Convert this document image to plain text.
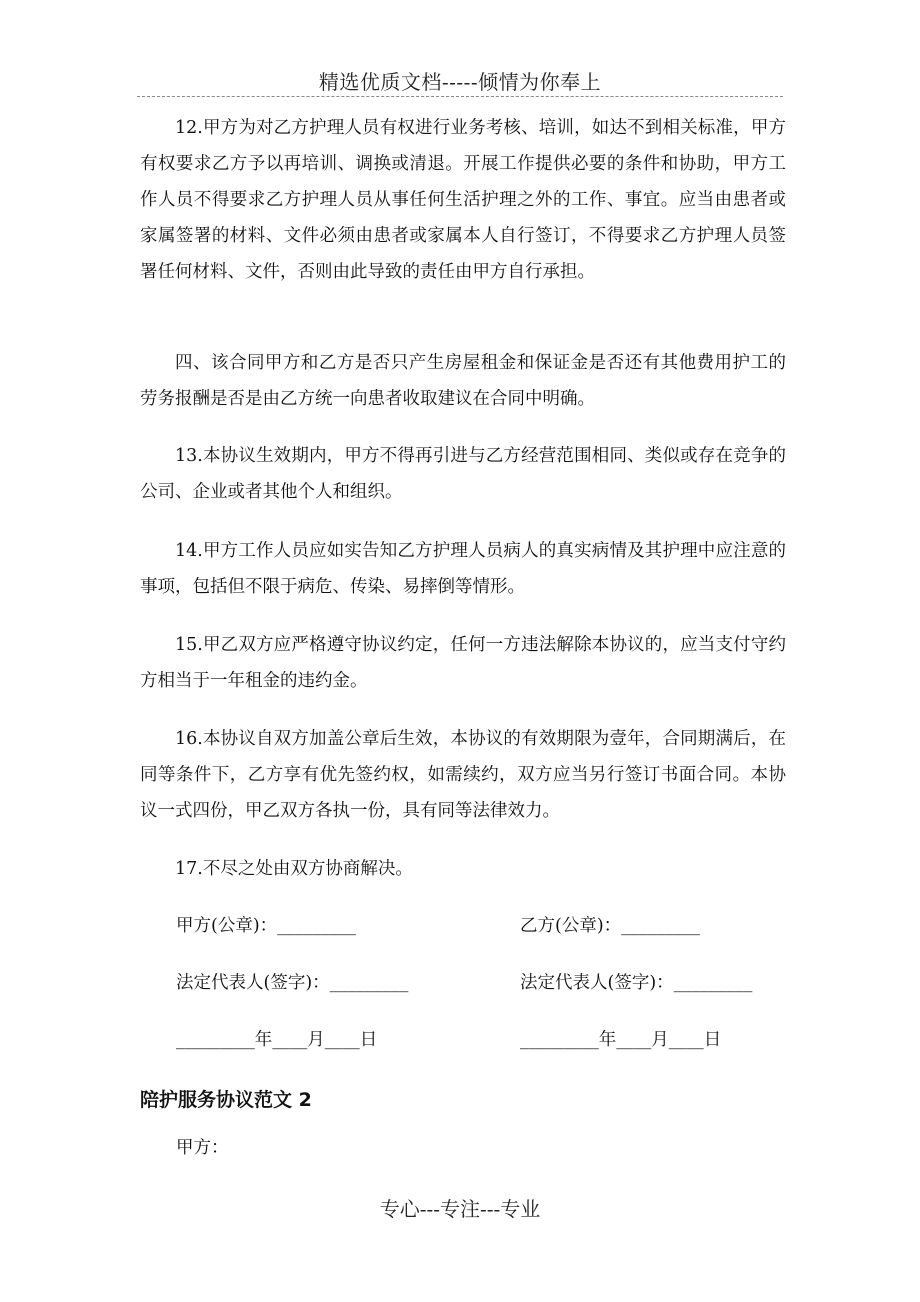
精选优质文档-----倾情为你奉上

12.甲方为对乙方护理人员有权进行业务考核、培训，如达不到相关标准，甲方有权要求乙方予以再培训、调换或清退。开展工作提供必要的条件和协助，甲方工作人员不得要求乙方护理人员从事任何生活护理之外的工作、事宜。应当由患者或家属签署的材料、文件必须由患者或家属本人自行签订，不得要求乙方护理人员签署任何材料、文件，否则由此导致的责任由甲方自行承担。

四、该合同甲方和乙方是否只产生房屋租金和保证金是否还有其他费用护工的劳务报酬是否是由乙方统一向患者收取建议在合同中明确。

13.本协议生效期内，甲方不得再引进与乙方经营范围相同、类似或存在竞争的公司、企业或者其他个人和组织。

14.甲方工作人员应如实告知乙方护理人员病人的真实病情及其护理中应注意的事项，包括但不限于病危、传染、易摔倒等情形。

15.甲乙双方应严格遵守协议约定，任何一方违法解除本协议的，应当支付守约方相当于一年租金的违约金。

16.本协议自双方加盖公章后生效，本协议的有效期限为壹年，合同期满后，在同等条件下，乙方享有优先签约权，如需续约，双方应当另行签订书面合同。本协议一式四份，甲乙双方各执一份，具有同等法律效力。

17.不尽之处由双方协商解决。

甲方(公章)：_________	乙方(公章)：_________
法定代表人(签字)：_________	法定代表人(签字)：_________
_________年____月____日	_________年____月____日
陪护服务协议范文 2
甲方：
专心---专注---专业
